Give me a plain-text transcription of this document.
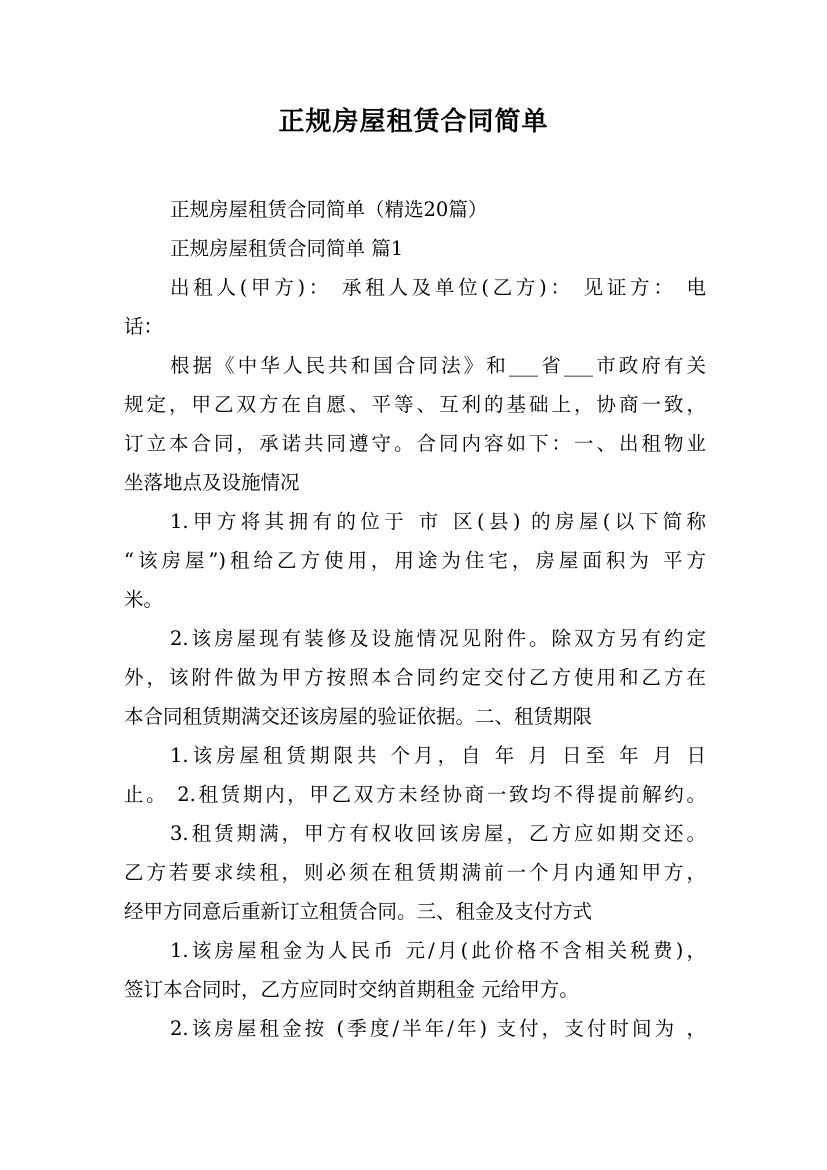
正规房屋租赁合同简单
正规房屋租赁合同简单（精选20篇）
正规房屋租赁合同简单 篇1
出租人(甲方)： 承租人及单位(乙方)： 见证方： 电
话：
根据《中华人民共和国合同法》和___省___市政府有关
规定，甲乙双方在自愿、平等、互利的基础上，协商一致，
订立本合同，承诺共同遵守。合同内容如下：一、出租物业
坐落地点及设施情况
1.甲方将其拥有的位于 市 区(县) 的房屋(以下简称
“该房屋”)租给乙方使用，用途为住宅，房屋面积为 平方
米。
2.该房屋现有装修及设施情况见附件。除双方另有约定
外，该附件做为甲方按照本合同约定交付乙方使用和乙方在
本合同租赁期满交还该房屋的验证依据。二、租赁期限
1.该房屋租赁期限共 个月，自 年 月 日至 年 月 日
止。 2.租赁期内，甲乙双方未经协商一致均不得提前解约。
3.租赁期满，甲方有权收回该房屋，乙方应如期交还。
乙方若要求续租，则必须在租赁期满前一个月内通知甲方，
经甲方同意后重新订立租赁合同。三、租金及支付方式
1.该房屋租金为人民币 元/月(此价格不含相关税费)，
签订本合同时，乙方应同时交纳首期租金 元给甲方。
2.该房屋租金按 (季度/半年/年) 支付，支付时间为 ，
